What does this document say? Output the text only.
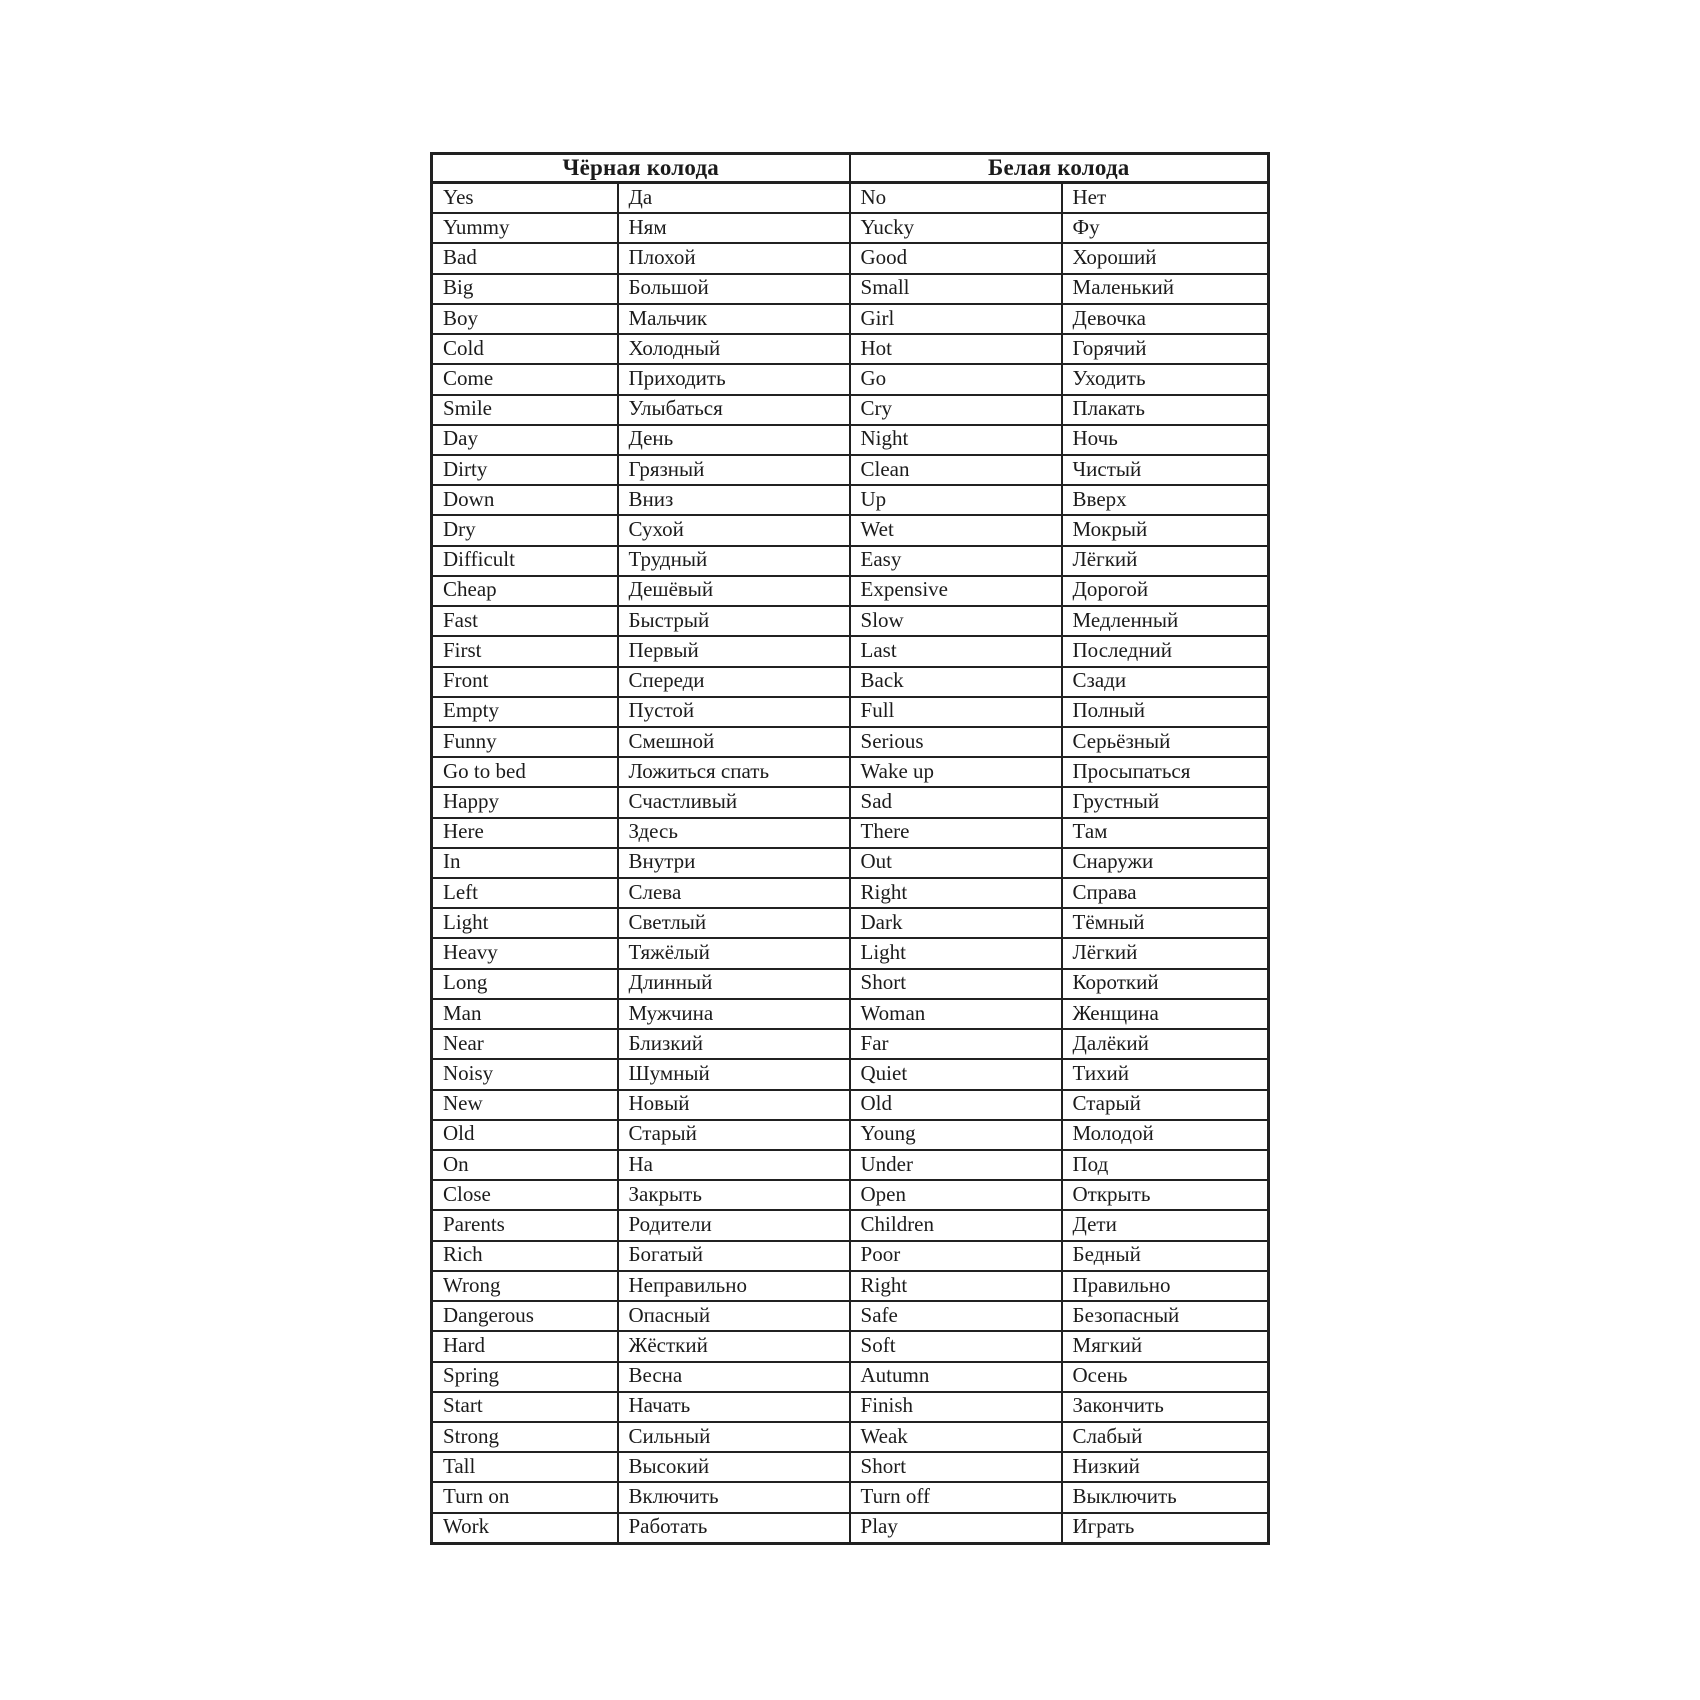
Чёрная колода		Белая колода	
Yes	Да	No	Нет
Yummy	Ням	Yucky	Фу
Bad	Плохой	Good	Хороший
Big	Большой	Small	Маленький
Boy	Мальчик	Girl	Девочка
Cold	Холодный	Hot	Горячий
Come	Приходить	Go	Уходить
Smile	Улыбаться	Cry	Плакать
Day	День	Night	Ночь
Dirty	Грязный	Clean	Чистый
Down	Вниз	Up	Вверх
Dry	Сухой	Wet	Мокрый
Difficult	Трудный	Easy	Лёгкий
Cheap	Дешёвый	Expensive	Дорогой
Fast	Быстрый	Slow	Медленный
First	Первый	Last	Последний
Front	Спереди	Back	Сзади
Empty	Пустой	Full	Полный
Funny	Смешной	Serious	Серьёзный
Go to bed	Ложиться спать	Wake up	Просыпаться
Happy	Счастливый	Sad	Грустный
Here	Здесь	There	Там
In	Внутри	Out	Снаружи
Left	Слева	Right	Справа
Light	Светлый	Dark	Тёмный
Heavy	Тяжёлый	Light	Лёгкий
Long	Длинный	Short	Короткий
Man	Мужчина	Woman	Женщина
Near	Близкий	Far	Далёкий
Noisy	Шумный	Quiet	Тихий
New	Новый	Old	Старый
Old	Старый	Young	Молодой
On	На	Under	Под
Close	Закрыть	Open	Открыть
Parents	Родители	Children	Дети
Rich	Богатый	Poor	Бедный
Wrong	Неправильно	Right	Правильно
Dangerous	Опасный	Safe	Безопасный
Hard	Жёсткий	Soft	Мягкий
Spring	Весна	Autumn	Осень
Start	Начать	Finish	Закончить
Strong	Сильный	Weak	Слабый
Tall	Высокий	Short	Низкий
Turn on	Включить	Turn off	Выключить
Work	Работать	Play	Играть
